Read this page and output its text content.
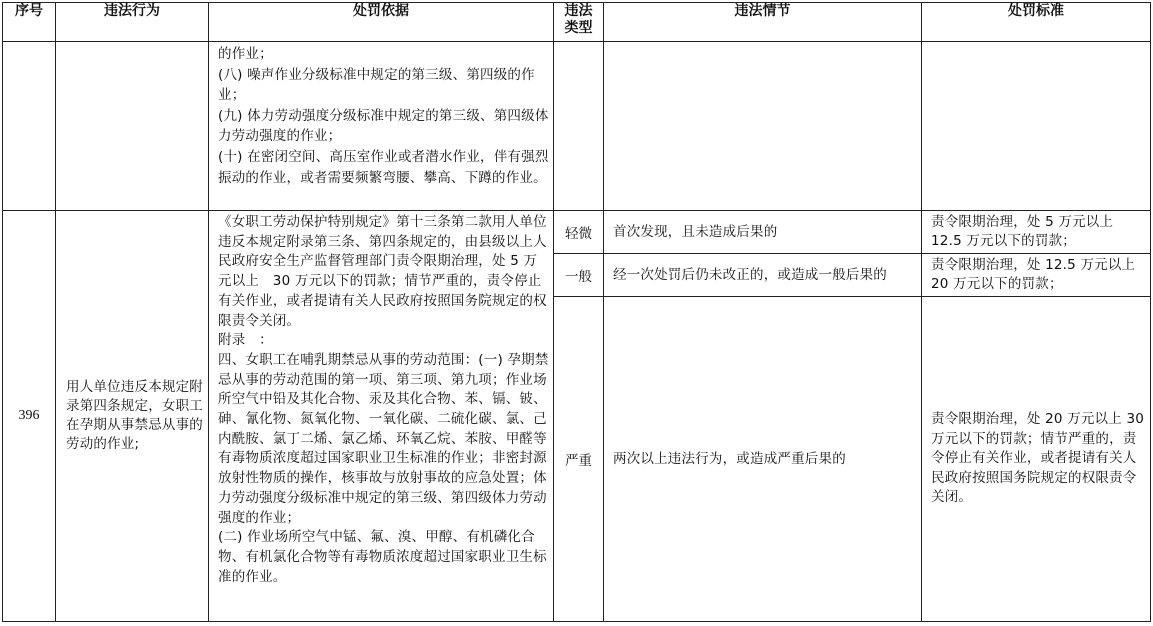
序号	违法行为	处罚依据	违法类型	违法情节	处罚标准

		的作业；
(八) 噪声作业分级标准中规定的第三级、第四级的作业；
(九) 体力劳动强度分级标准中规定的第三级、第四级体力劳动强度的作业；
(十) 在密闭空间、高压室作业或者潜水作业，伴有强烈振动的作业，或者需要频繁弯腰、攀高、下蹲的作业。			

396	用人单位违反本规定附录第四条规定，女职工在孕期从事禁忌从事的劳动的作业;	《女职工劳动保护特别规定》第十三条第二款用人单位违反本规定附录第三条、第四条规定的，由县级以上人民政府安全生产监督管理部门责令限期治理，处 5 万元以上　30 万元以下的罚款；情节严重的，责令停止有关作业，或者提请有关人民政府按照国务院规定的权限责令关闭。
附录　：
四、女职工在哺乳期禁忌从事的劳动范围：(一) 孕期禁忌从事的劳动范围的第一项、第三项、第九项；作业场所空气中铅及其化合物、汞及其化合物、苯、镉、铍、砷、氰化物、氮氧化物、一氧化碳、二硫化碳、氯、己内酰胺、氯丁二烯、氯乙烯、环氧乙烷、苯胺、甲醛等有毒物质浓度超过国家职业卫生标准的作业；非密封源放射性物质的操作，核事故与放射事故的应急处置；体力劳动强度分级标准中规定的第三级、第四级体力劳动强度的作业；
(二) 作业场所空气中锰、氟、溴、甲醇、有机磷化合物、有机氯化合物等有毒物质浓度超过国家职业卫生标准的作业。	轻微	首次发现，且未造成后果的	责令限期治理，处 5 万元以上 12.5 万元以下的罚款；

			一般	经一次处罚后仍未改正的，或造成一般后果的	责令限期治理，处 12.5 万元以上　20 万元以下的罚款；

			严重	两次以上违法行为，或造成严重后果的	责令限期治理，处 20 万元以上 30 万元以下的罚款；情节严重的，责令停止有关作业，或者提请有关人民政府按照国务院规定的权限责令关闭。
